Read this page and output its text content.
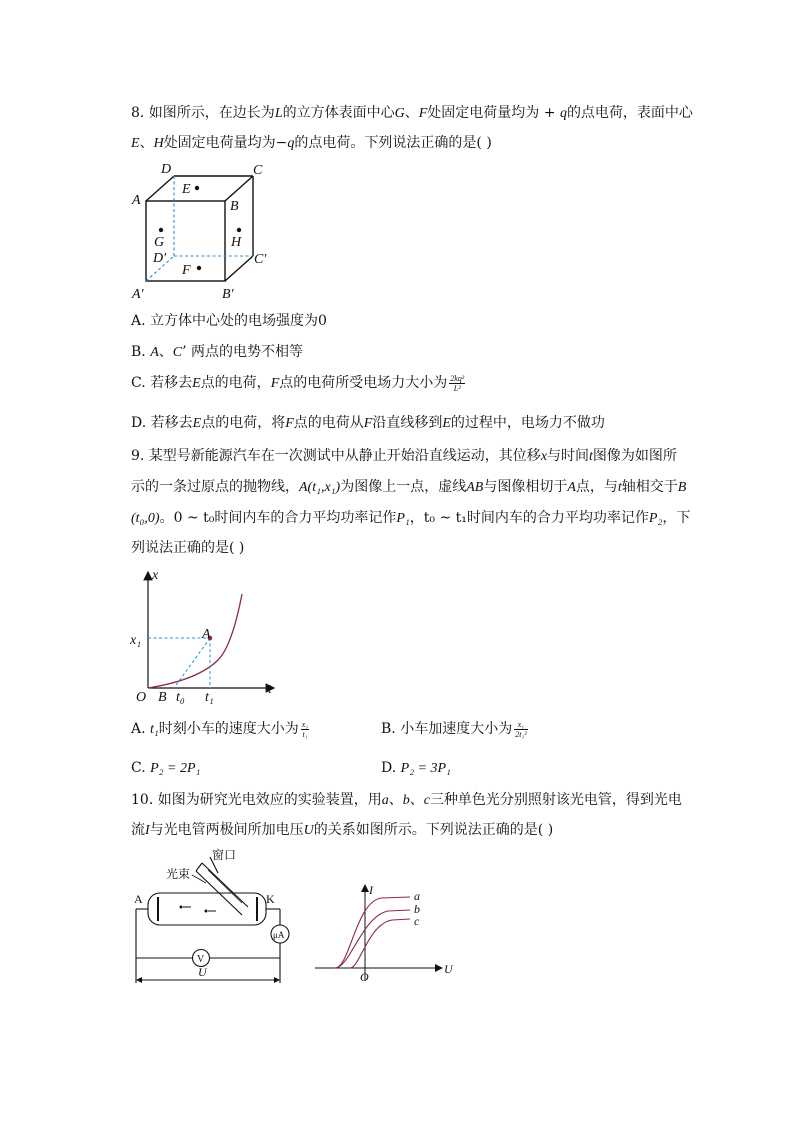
8. 如图所示，在边长为L的立方体表面中心G、F处固定电荷量均为 + q的点电荷，表面中心
E、H处固定电荷量均为−q的点电荷。下列说法正确的是( )
D	C
A	B
E
G	H
D′	C′
F
A′	B′
A. 立方体中心处的电场强度为0
B. A、C’ 两点的电势不相等
C. 若移去E点的电荷，F点的电荷所受电场力大小为 $\frac{\text{2kq²}}{\text{L²}}$
D. 若移去E点的电荷，将F点的电荷从F沿直线移到E的过程中，电场力不做功
9. 某型号新能源汽车在一次测试中从静止开始沿直线运动，其位移x与时间t图像为如图所
示的一条过原点的抛物线，A(t₁,x₁)为图像上一点，虚线AB与图像相切于A点，与t轴相交于B
(t₀,0)。0 ~ t₀时间内车的合力平均功率记作P₁，t₀ ~ t₁时间内车的合力平均功率记作P₂，下
列说法正确的是( )
x
t
O B t₀ t₁
x₁	A
A. t₁时刻小车的速度大小为 $\frac{\text{x₁}}{\text{t₁}}$	B. 小车加速度大小为 $\frac{\text{x₁}}{\text{2t₁²}}$
C. P₂ = 2P₁	D. P₂ = 3P₁
10. 如图为研究光电效应的实验装置，用a、b、c三种单色光分别照射该光电管，得到光电
流I与光电管两极间所加电压U的关系如图所示。下列说法正确的是( )
窗口
光束
A	K
V
μA
U
I
U
O
a
b
c
